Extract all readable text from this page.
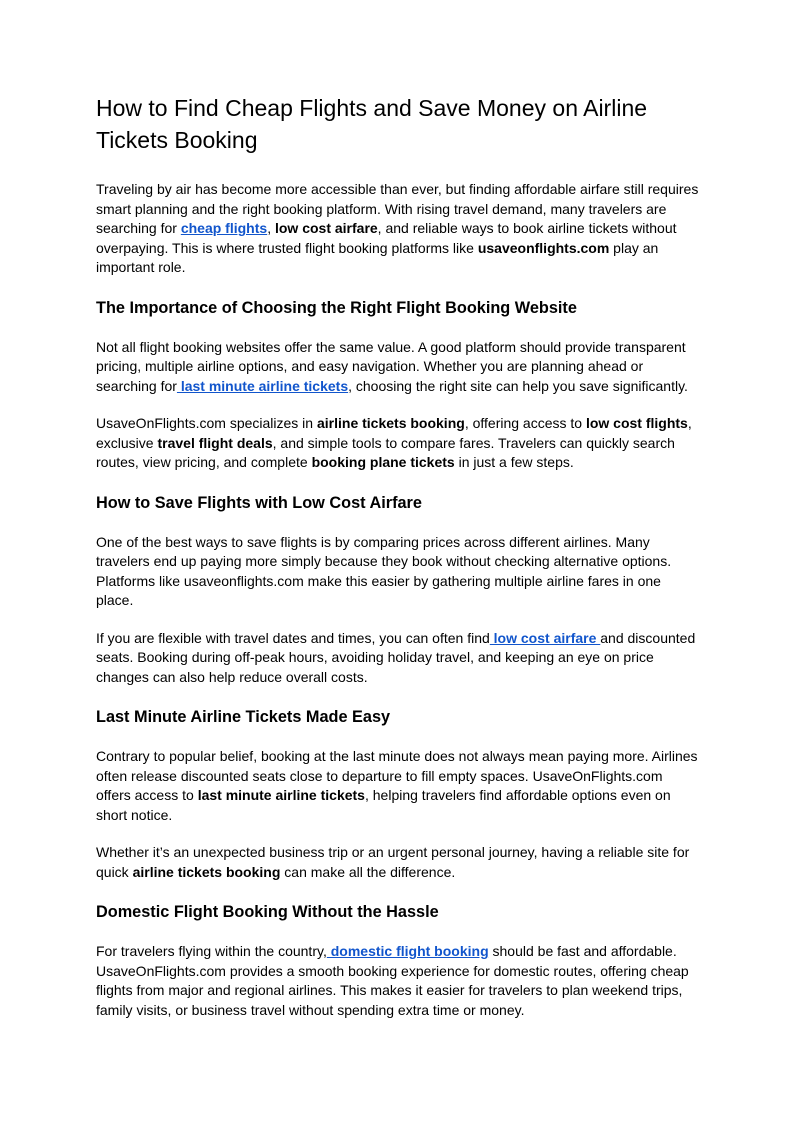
How to Find Cheap Flights and Save Money on Airline Tickets Booking

Traveling by air has become more accessible than ever, but finding affordable airfare still requires smart planning and the right booking platform. With rising travel demand, many travelers are searching for cheap flights, low cost airfare, and reliable ways to book airline tickets without overpaying. This is where trusted flight booking platforms like usaveonflights.com play an important role.

The Importance of Choosing the Right Flight Booking Website

Not all flight booking websites offer the same value. A good platform should provide transparent pricing, multiple airline options, and easy navigation. Whether you are planning ahead or searching for last minute airline tickets, choosing the right site can help you save significantly.

UsaveOnFlights.com specializes in airline tickets booking, offering access to low cost flights, exclusive travel flight deals, and simple tools to compare fares. Travelers can quickly search routes, view pricing, and complete booking plane tickets in just a few steps.

How to Save Flights with Low Cost Airfare

One of the best ways to save flights is by comparing prices across different airlines. Many travelers end up paying more simply because they book without checking alternative options. Platforms like usaveonflights.com make this easier by gathering multiple airline fares in one place.

If you are flexible with travel dates and times, you can often find low cost airfare and discounted seats. Booking during off-peak hours, avoiding holiday travel, and keeping an eye on price changes can also help reduce overall costs.

Last Minute Airline Tickets Made Easy

Contrary to popular belief, booking at the last minute does not always mean paying more. Airlines often release discounted seats close to departure to fill empty spaces. UsaveOnFlights.com offers access to last minute airline tickets, helping travelers find affordable options even on short notice.

Whether it’s an unexpected business trip or an urgent personal journey, having a reliable site for quick airline tickets booking can make all the difference.

Domestic Flight Booking Without the Hassle

For travelers flying within the country, domestic flight booking should be fast and affordable. UsaveOnFlights.com provides a smooth booking experience for domestic routes, offering cheap flights from major and regional airlines. This makes it easier for travelers to plan weekend trips, family visits, or business travel without spending extra time or money.
